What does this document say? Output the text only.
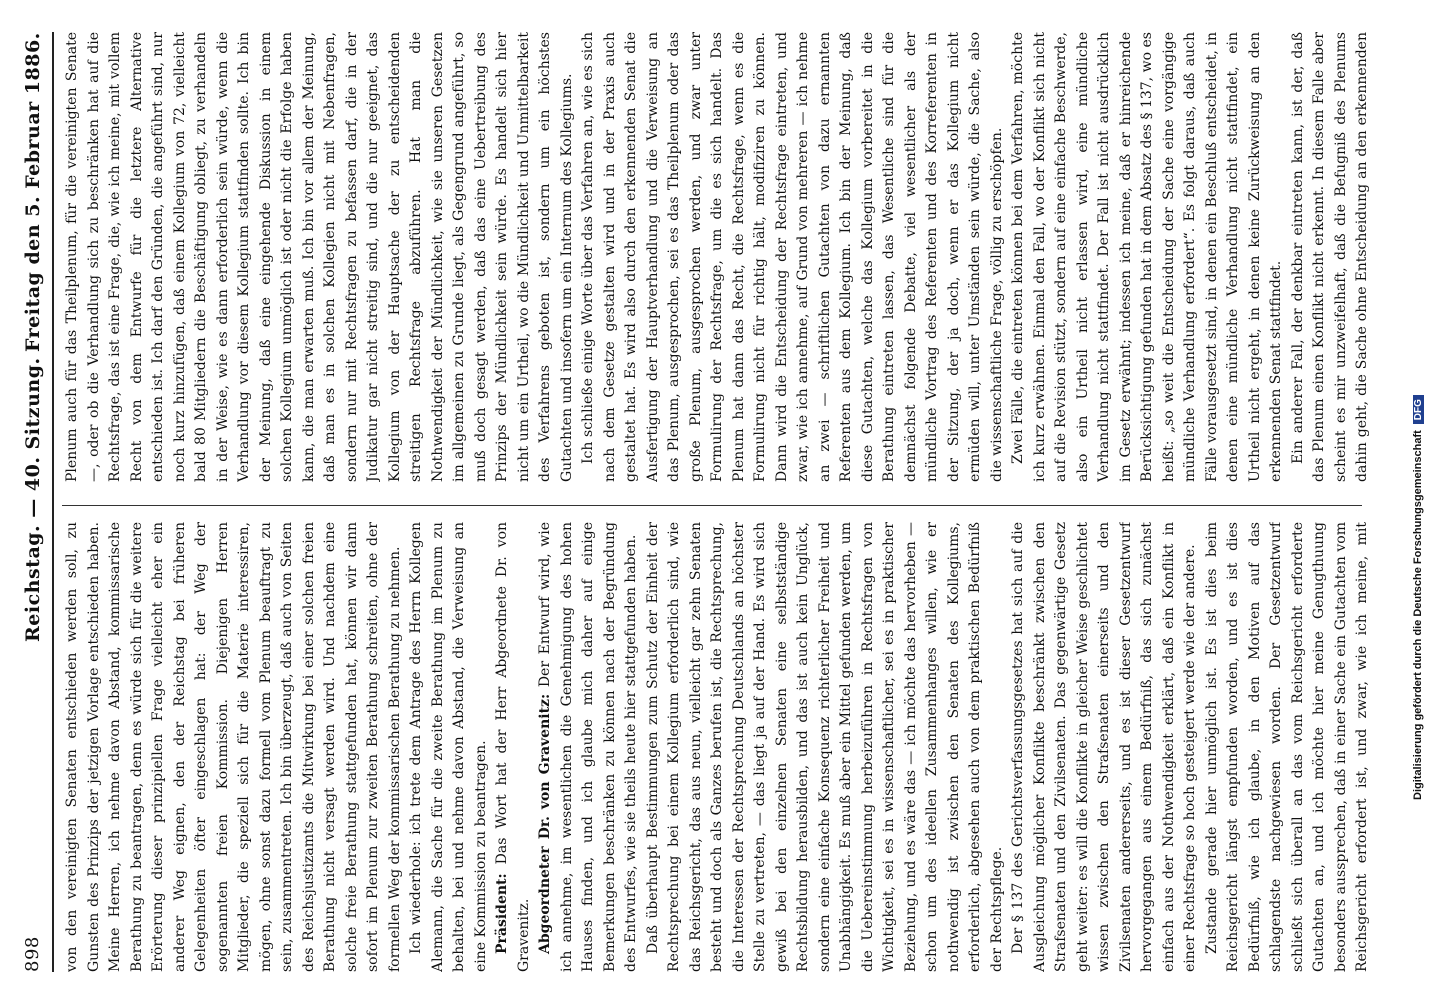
898
Reichstag. — 40. Sitzung.
Freitag den 5. Februar 1886.

von den vereinigten Senaten entschieden werden soll, zu Gunsten des Prinzips der jetzigen Vorlage entschieden haben. Meine Herren, ich nehme davon Abstand, kommissarische Berathung zu beantragen, denn es würde sich für die weitere Erörterung dieser prinzipiellen Frage vielleicht eher ein anderer Weg eignen, den der Reichstag bei früheren Gelegenheiten öfter eingeschlagen hat: der Weg der sogenannten freien Kommission. Diejenigen Herren Mitglieder, die speziell sich für die Materie interessiren, mögen, ohne sonst dazu formell vom Plenum beauftragt zu sein, zusammentreten. Ich bin überzeugt, daß auch von Seiten des Reichsjustizamts die Mitwirkung bei einer solchen freien Berathung nicht versagt werden wird. Und nachdem eine solche freie Berathung stattgefunden hat, können wir dann sofort im Plenum zur zweiten Berathung schreiten, ohne der formellen Weg der kommissarischen Berathung zu nehmen. Ich wiederhole: ich trete dem Antrage des Herrn Kollegen Alemann, die Sache für die zweite Berathung im Plenum zu behalten, bei und nehme davon Abstand, die Verweisung an eine Kommission zu beantragen. Präsident: Das Wort hat der Herr Abgeordnete Dr. von Gravenitz. Abgeordneter Dr. von Gravenitz: Der Entwurf wird, wie ich annehme, im wesentlichen die Genehmigung des hohen Hauses finden, und ich glaube mich daher auf einige Bemerkungen beschränken zu können nach der Begründung des Entwurfes, wie sie theils heute hier stattgefunden haben. Daß überhaupt Bestimmungen zum Schutz der Einheit der Rechtsprechung bei einem Kollegium erforderlich sind, wie das Reichsgericht, das aus neun, vielleicht gar zehn Senaten besteht und doch als Ganzes berufen ist, die Rechtsprechung, die Interessen der Rechtsprechung Deutschlands an höchster Stelle zu vertreten, — das liegt ja auf der Hand. Es wird sich gewiß bei den einzelnen Senaten eine selbstständige Rechtsbildung herausbilden, und das ist auch kein Unglück, sondern eine einfache Konsequenz richterlicher Freiheit und Unabhängigkeit. Es muß aber ein Mittel gefunden werden, um die Uebereinstimmung herbeizuführen in Rechtsfragen von Wichtigkeit, sei es in wissenschaftlicher, sei es in praktischer Beziehung, und es wäre das — ich möchte das hervorheben — schon um des ideellen Zusammenhanges willen, wie er nothwendig ist zwischen den Senaten des Kollegiums, erforderlich, abgesehen auch von dem praktischen Bedürfniß der Rechtspflege. Der § 137 des Gerichtsverfassungsgesetzes hat sich auf die Ausgleichung möglicher Konflikte beschränkt zwischen den Strafsenaten und den Zivilsenaten. Das gegenwärtige Gesetz geht weiter: es will die Konflikte in gleicher Weise geschlichtet wissen zwischen den Strafsenaten einerseits und den Zivilsenaten andererseits, und es ist dieser Gesetzentwurf hervorgegangen aus einem Bedürfniß, das sich zunächst einfach aus der Nothwendigkeit erklärt, daß ein Konflikt in einer Rechtsfrage so hoch gesteigert werde wie der andere. Zustande gerade hier unmöglich ist. Es ist dies beim Reichsgericht längst empfunden worden, und es ist dies Bedürfniß, wie ich glaube, in den Motiven auf das schlagendste nachgewiesen worden. Der Gesetzentwurf schließt sich überall an das vom Reichsgericht erforderte Gutachten an, und ich möchte hier meine Genugthuung besonders aussprechen, daß in einer Sache ein Gutachten vom Reichsgericht erfordert ist, und zwar, wie ich meine, mit

Plenum auch für das Theilplenum, für die vereinigten Senate —, oder ob die Verhandlung sich zu beschränken hat auf die Rechtsfrage, das ist eine Frage, die, wie ich meine, mit vollem Recht von dem Entwurfe für die letztere Alternative entschieden ist. Ich darf den Gründen, die angeführt sind, nur noch kurz hinzufügen, daß einem Kollegium von 72, vielleicht bald 80 Mitgliedern die Beschäftigung obliegt, zu verhandeln in der Weise, wie es dann erforderlich sein würde, wenn die Verhandlung vor diesem Kollegium stattfinden sollte. Ich bin der Meinung, daß eine eingehende Diskussion in einem solchen Kollegium unmöglich ist oder nicht die Erfolge haben kann, die man erwarten muß. Ich bin vor allem der Meinung, daß man es in solchen Kollegien nicht mit Nebenfragen, sondern nur mit Rechtsfragen zu befassen darf, die in der Judikatur gar nicht streitig sind, und die nur geeignet, das Kollegium von der Hauptsache der zu entscheidenden streitigen Rechtsfrage abzuführen. Hat man die Nothwendigkeit der Mündlichkeit, wie sie unseren Gesetzen im allgemeinen zu Grunde liegt, als Gegengrund angeführt, so muß doch gesagt werden, daß das eine Uebertreibung des Prinzips der Mündlichkeit sein würde. Es handelt sich hier nicht um ein Urtheil, wo die Mündlichkeit und Unmittelbarkeit des Verfahrens geboten ist, sondern um ein höchstes Gutachten und insofern um ein Internum des Kollegiums. Ich schließe einige Worte über das Verfahren an, wie es sich nach dem Gesetze gestalten wird und in der Praxis auch gestaltet hat. Es wird also durch den erkennenden Senat die Ausfertigung der Hauptverhandlung und die Verweisung an das Plenum, ausgesprochen, sei es das Theilplenum oder das große Plenum, ausgesprochen werden, und zwar unter Formulirung der Rechtsfrage, um die es sich handelt. Das Plenum hat dann das Recht, die Rechtsfrage, wenn es die Formulirung nicht für richtig hält, modifiziren zu können. Dann wird die Entscheidung der Rechtsfrage eintreten, und zwar, wie ich annehme, auf Grund von mehreren — ich nehme an zwei — schriftlichen Gutachten von dazu ernannten Referenten aus dem Kollegium. Ich bin der Meinung, daß diese Gutachten, welche das Kollegium vorbereitet in die Berathung eintreten lassen, das Wesentliche sind für die demnächst folgende Debatte, viel wesentlicher als der mündliche Vortrag des Referenten und des Korreferenten in der Sitzung, der ja doch, wenn er das Kollegium nicht ermüden will, unter Umständen sein würde, die Sache, also die wissenschaftliche Frage, völlig zu erschöpfen. Zwei Fälle, die eintreten können bei dem Verfahren, möchte ich kurz erwähnen. Einmal den Fall, wo der Konflikt sich nicht auf die Revision stützt, sondern auf eine einfache Beschwerde, also ein Urtheil nicht erlassen wird, eine mündliche Verhandlung nicht stattfindet. Der Fall ist nicht ausdrücklich im Gesetz erwähnt; indessen ich meine, daß er hinreichende Berücksichtigung gefunden hat in dem Absatz des § 137, wo es heißt: „so weit die Entscheidung der Sache eine vorgängige mündliche Verhandlung erfordert“. Es folgt daraus, daß auch Fälle vorausgesetzt sind, in denen ein Beschluß entscheidet, in denen eine mündliche Verhandlung nicht stattfindet, ein Urtheil nicht ergeht, in denen keine Zurückweisung an den erkennenden Senat stattfindet. Ein anderer Fall, der denkbar eintreten kann, ist der, daß das Plenum einen Konflikt nicht erkennt. In diesem Falle aber scheint es mir unzweifelhaft, daß die Befugniß des Plenums dahin geht, die Sache ohne Entscheidung an den erkennenden

Digitalisierung gefördert durch die Deutsche ForschungsgemeinschaftDFG
